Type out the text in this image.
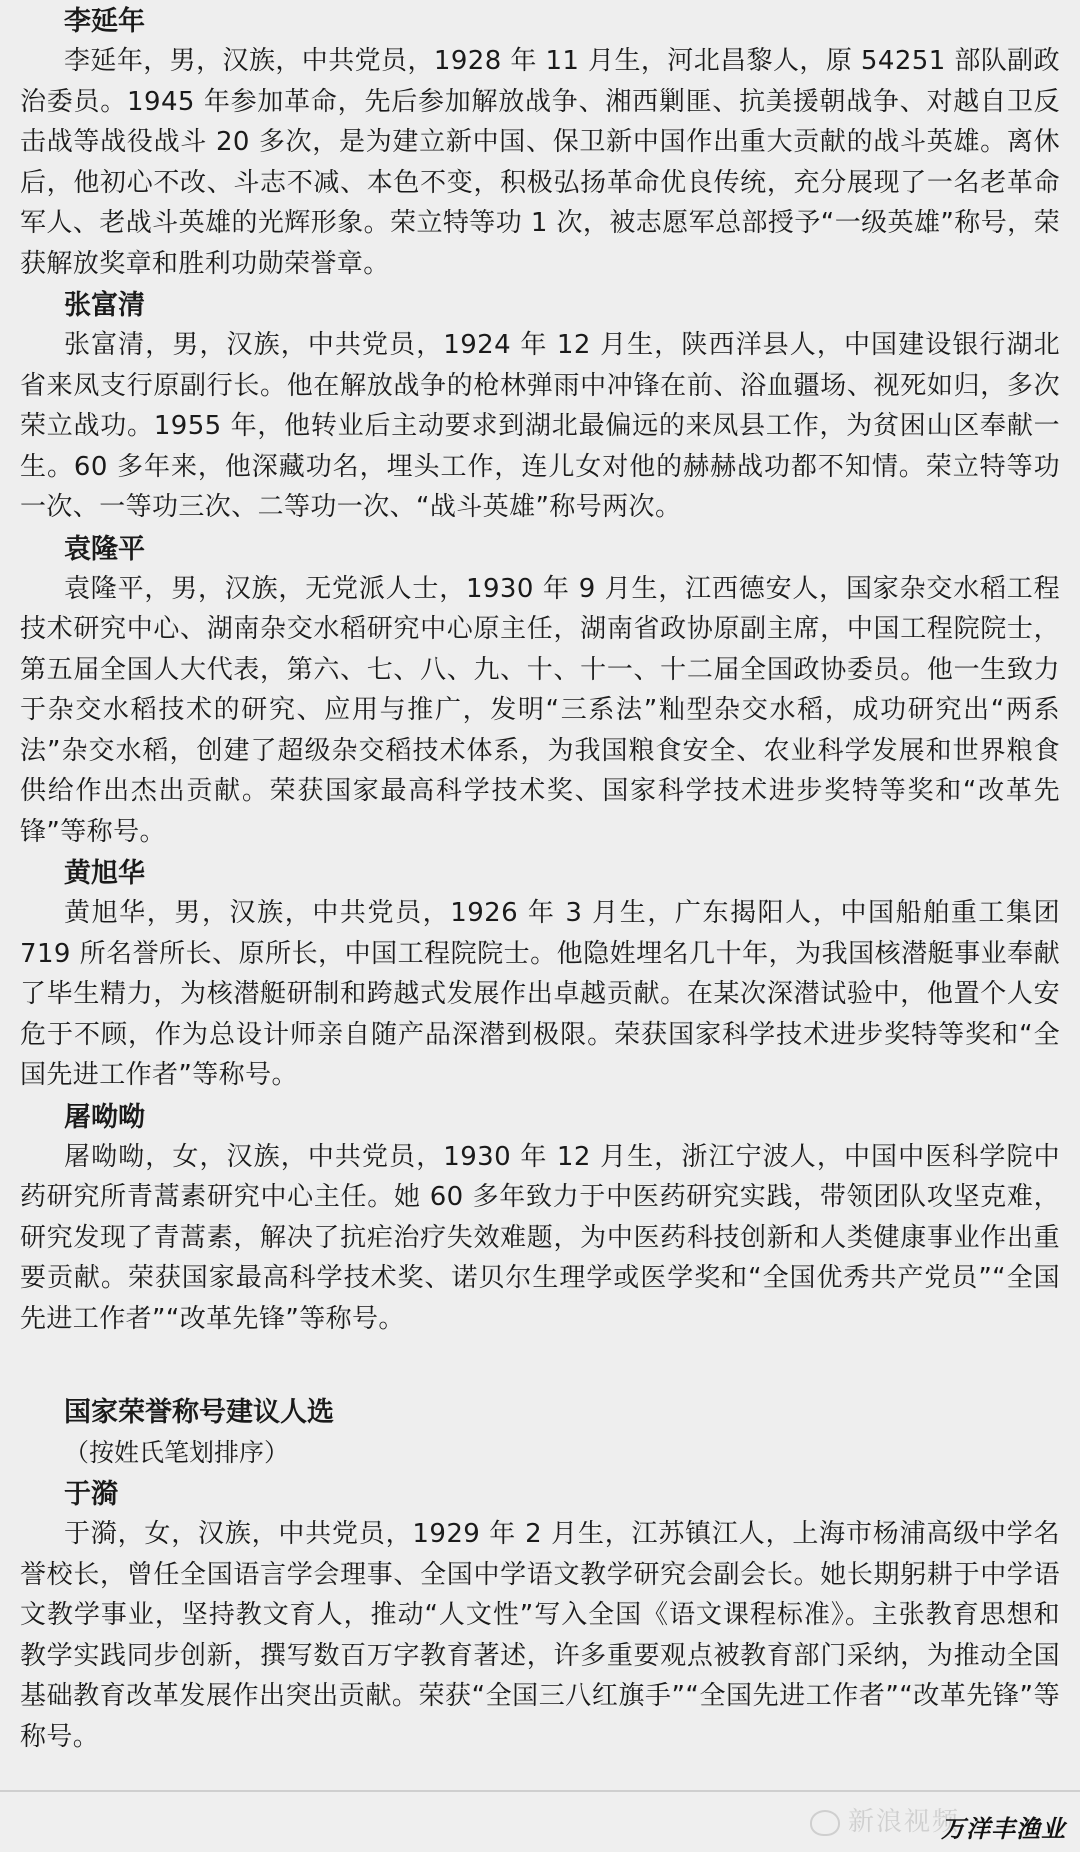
李延年

李延年，男，汉族，中共党员，1928 年 11 月生，河北昌黎人，原 54251 部队副政治委员。1945 年参加革命，先后参加解放战争、湘西剿匪、抗美援朝战争、对越自卫反击战等战役战斗 20 多次，是为建立新中国、保卫新中国作出重大贡献的战斗英雄。离休后，他初心不改、斗志不减、本色不变，积极弘扬革命优良传统，充分展现了一名老革命军人、老战斗英雄的光辉形象。荣立特等功 1 次，被志愿军总部授予“一级英雄”称号，荣获解放奖章和胜利功勋荣誉章。

张富清

张富清，男，汉族，中共党员，1924 年 12 月生，陕西洋县人，中国建设银行湖北省来凤支行原副行长。他在解放战争的枪林弹雨中冲锋在前、浴血疆场、视死如归，多次荣立战功。1955 年，他转业后主动要求到湖北最偏远的来凤县工作，为贫困山区奉献一生。60 多年来，他深藏功名，埋头工作，连儿女对他的赫赫战功都不知情。荣立特等功一次、一等功三次、二等功一次、“战斗英雄”称号两次。

袁隆平

袁隆平，男，汉族，无党派人士，1930 年 9 月生，江西德安人，国家杂交水稻工程技术研究中心、湖南杂交水稻研究中心原主任，湖南省政协原副主席，中国工程院院士，第五届全国人大代表，第六、七、八、九、十、十一、十二届全国政协委员。他一生致力于杂交水稻技术的研究、应用与推广，发明“三系法”籼型杂交水稻，成功研究出“两系法”杂交水稻，创建了超级杂交稻技术体系，为我国粮食安全、农业科学发展和世界粮食供给作出杰出贡献。荣获国家最高科学技术奖、国家科学技术进步奖特等奖和“改革先锋”等称号。

黄旭华

黄旭华，男，汉族，中共党员，1926 年 3 月生，广东揭阳人，中国船舶重工集团 719 所名誉所长、原所长，中国工程院院士。他隐姓埋名几十年，为我国核潜艇事业奉献了毕生精力，为核潜艇研制和跨越式发展作出卓越贡献。在某次深潜试验中，他置个人安危于不顾，作为总设计师亲自随产品深潜到极限。荣获国家科学技术进步奖特等奖和“全国先进工作者”等称号。

屠呦呦

屠呦呦，女，汉族，中共党员，1930 年 12 月生，浙江宁波人，中国中医科学院中药研究所青蒿素研究中心主任。她 60 多年致力于中医药研究实践，带领团队攻坚克难，研究发现了青蒿素，解决了抗疟治疗失效难题，为中医药科技创新和人类健康事业作出重要贡献。荣获国家最高科学技术奖、诺贝尔生理学或医学奖和“全国优秀共产党员”“全国先进工作者”“改革先锋”等称号。

国家荣誉称号建议人选

（按姓氏笔划排序）

于漪

于漪，女，汉族，中共党员，1929 年 2 月生，江苏镇江人，上海市杨浦高级中学名誉校长，曾任全国语言学会理事、全国中学语文教学研究会副会长。她长期躬耕于中学语文教学事业，坚持教文育人，推动“人文性”写入全国《语文课程标准》。主张教育思想和教学实践同步创新，撰写数百万字教育著述，许多重要观点被教育部门采纳，为推动全国基础教育改革发展作出突出贡献。荣获“全国三八红旗手”“全国先进工作者”“改革先锋”等称号。

新浪视频
万洋丰渔业
